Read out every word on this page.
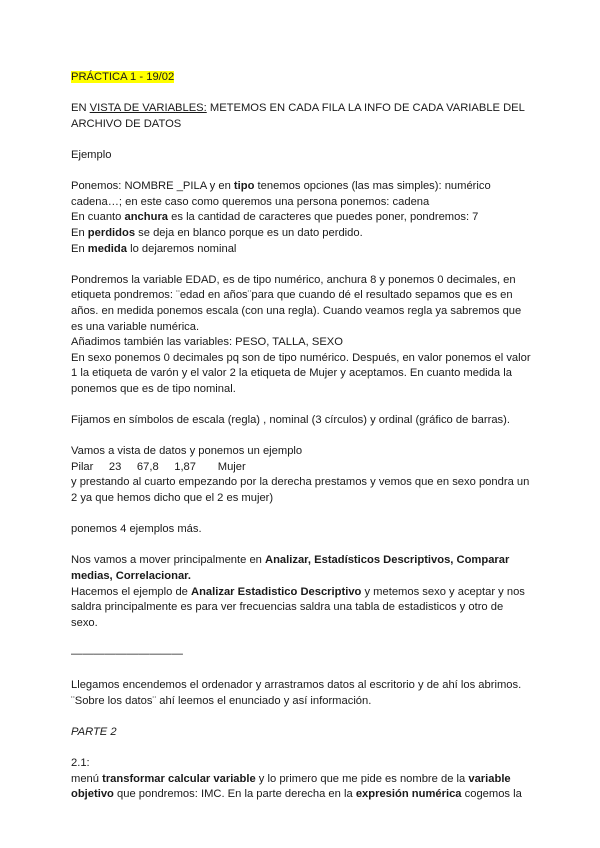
PRÁCTICA 1 - 19/02

EN VISTA DE VARIABLES: METEMOS EN CADA FILA LA INFO DE CADA VARIABLE DEL ARCHIVO DE DATOS

Ejemplo

Ponemos: NOMBRE _PILA y en tipo tenemos opciones (las mas simples): numérico cadena…; en este caso como queremos una persona ponemos: cadena

En cuanto anchura es la cantidad de caracteres que puedes poner, pondremos: 7

En perdidos se deja en blanco porque es un dato perdido.

En medida lo dejaremos nominal

Pondremos la variable EDAD, es de tipo numérico, anchura 8 y ponemos 0 decimales, en etiqueta pondremos: ¨edad en años¨para que cuando dé el resultado sepamos que es en años. en medida ponemos escala (con una regla). Cuando veamos regla ya sabremos que es una variable numérica.

Añadimos también las variables: PESO, TALLA, SEXO

En sexo ponemos 0 decimales pq son de tipo numérico. Después, en valor ponemos el valor 1 la etiqueta de varón y el valor 2 la etiqueta de Mujer y aceptamos. En cuanto medida la ponemos que es de tipo nominal.

Fijamos en símbolos de escala (regla) , nominal (3 círculos) y ordinal (gráfico de barras).

Vamos a vista de datos y ponemos un ejemplo

Pilar     23     67,8     1,87       Mujer

y prestando al cuarto empezando por la derecha prestamos y vemos que en sexo pondra un 2 ya que hemos dicho que el 2 es mujer)

ponemos 4 ejemplos más.

Nos vamos a mover principalmente en Analizar, Estadísticos Descriptivos, Comparar medias, Correlacionar.

Hacemos el ejemplo de Analizar Estadistico Descriptivo y metemos sexo y aceptar y nos saldra principalmente es para ver frecuencias saldra una tabla de estadisticos y otro de sexo.

——————————

Llegamos encendemos el ordenador y arrastramos datos al escritorio y de ahí los abrimos. ¨Sobre los datos¨ ahí leemos el enunciado y así información.

PARTE 2

2.1:

menú transformar calcular variable y lo primero que me pide es nombre de la variable objetivo que pondremos: IMC. En la parte derecha en la expresión numérica cogemos la
